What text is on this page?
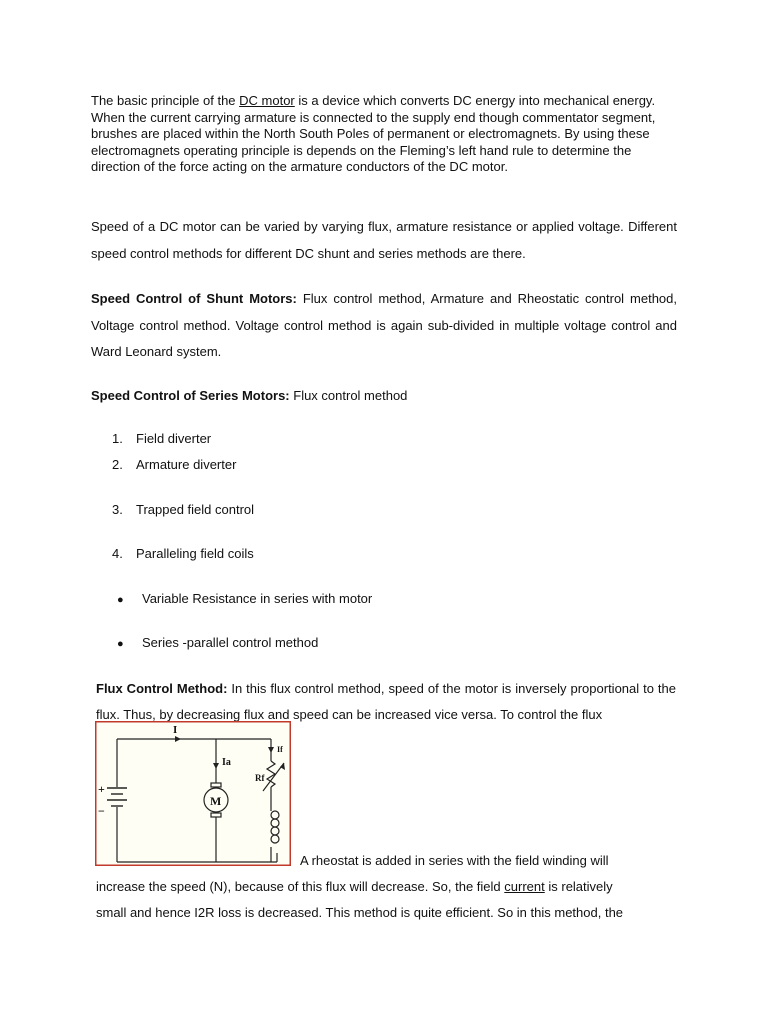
The basic principle of the DC motor is a device which converts DC energy into mechanical energy. When the current carrying armature is connected to the supply end though commentator segment, brushes are placed within the North South Poles of permanent or electromagnets. By using these electromagnets operating principle is depends on the Fleming’s left hand rule to determine the direction of the force acting on the armature conductors of the DC motor.

Speed of a DC motor can be varied by varying flux, armature resistance or applied voltage. Different speed control methods for different DC shunt and series methods are there.

Speed Control of Shunt Motors: Flux control method, Armature and Rheostatic control method, Voltage control method. Voltage control method is again sub-divided in multiple voltage control and Ward Leonard system.

Speed Control of Series Motors: Flux control method

1. Field diverter
2. Armature diverter
3. Trapped field control
4. Paralleling field coils
● Variable Resistance in series with motor
● Series -parallel control method

Flux Control Method: In this flux control method, speed of the motor is inversely proportional to the flux. Thus, by decreasing flux and speed can be increased vice versa. To control the flux

I
Ia
If
Rf
M
+
−

A rheostat is added in series with the field winding will

increase the speed (N), because of this flux will decrease. So, the field current is relatively
small and hence I2R loss is decreased. This method is quite efficient. So in this method, the
